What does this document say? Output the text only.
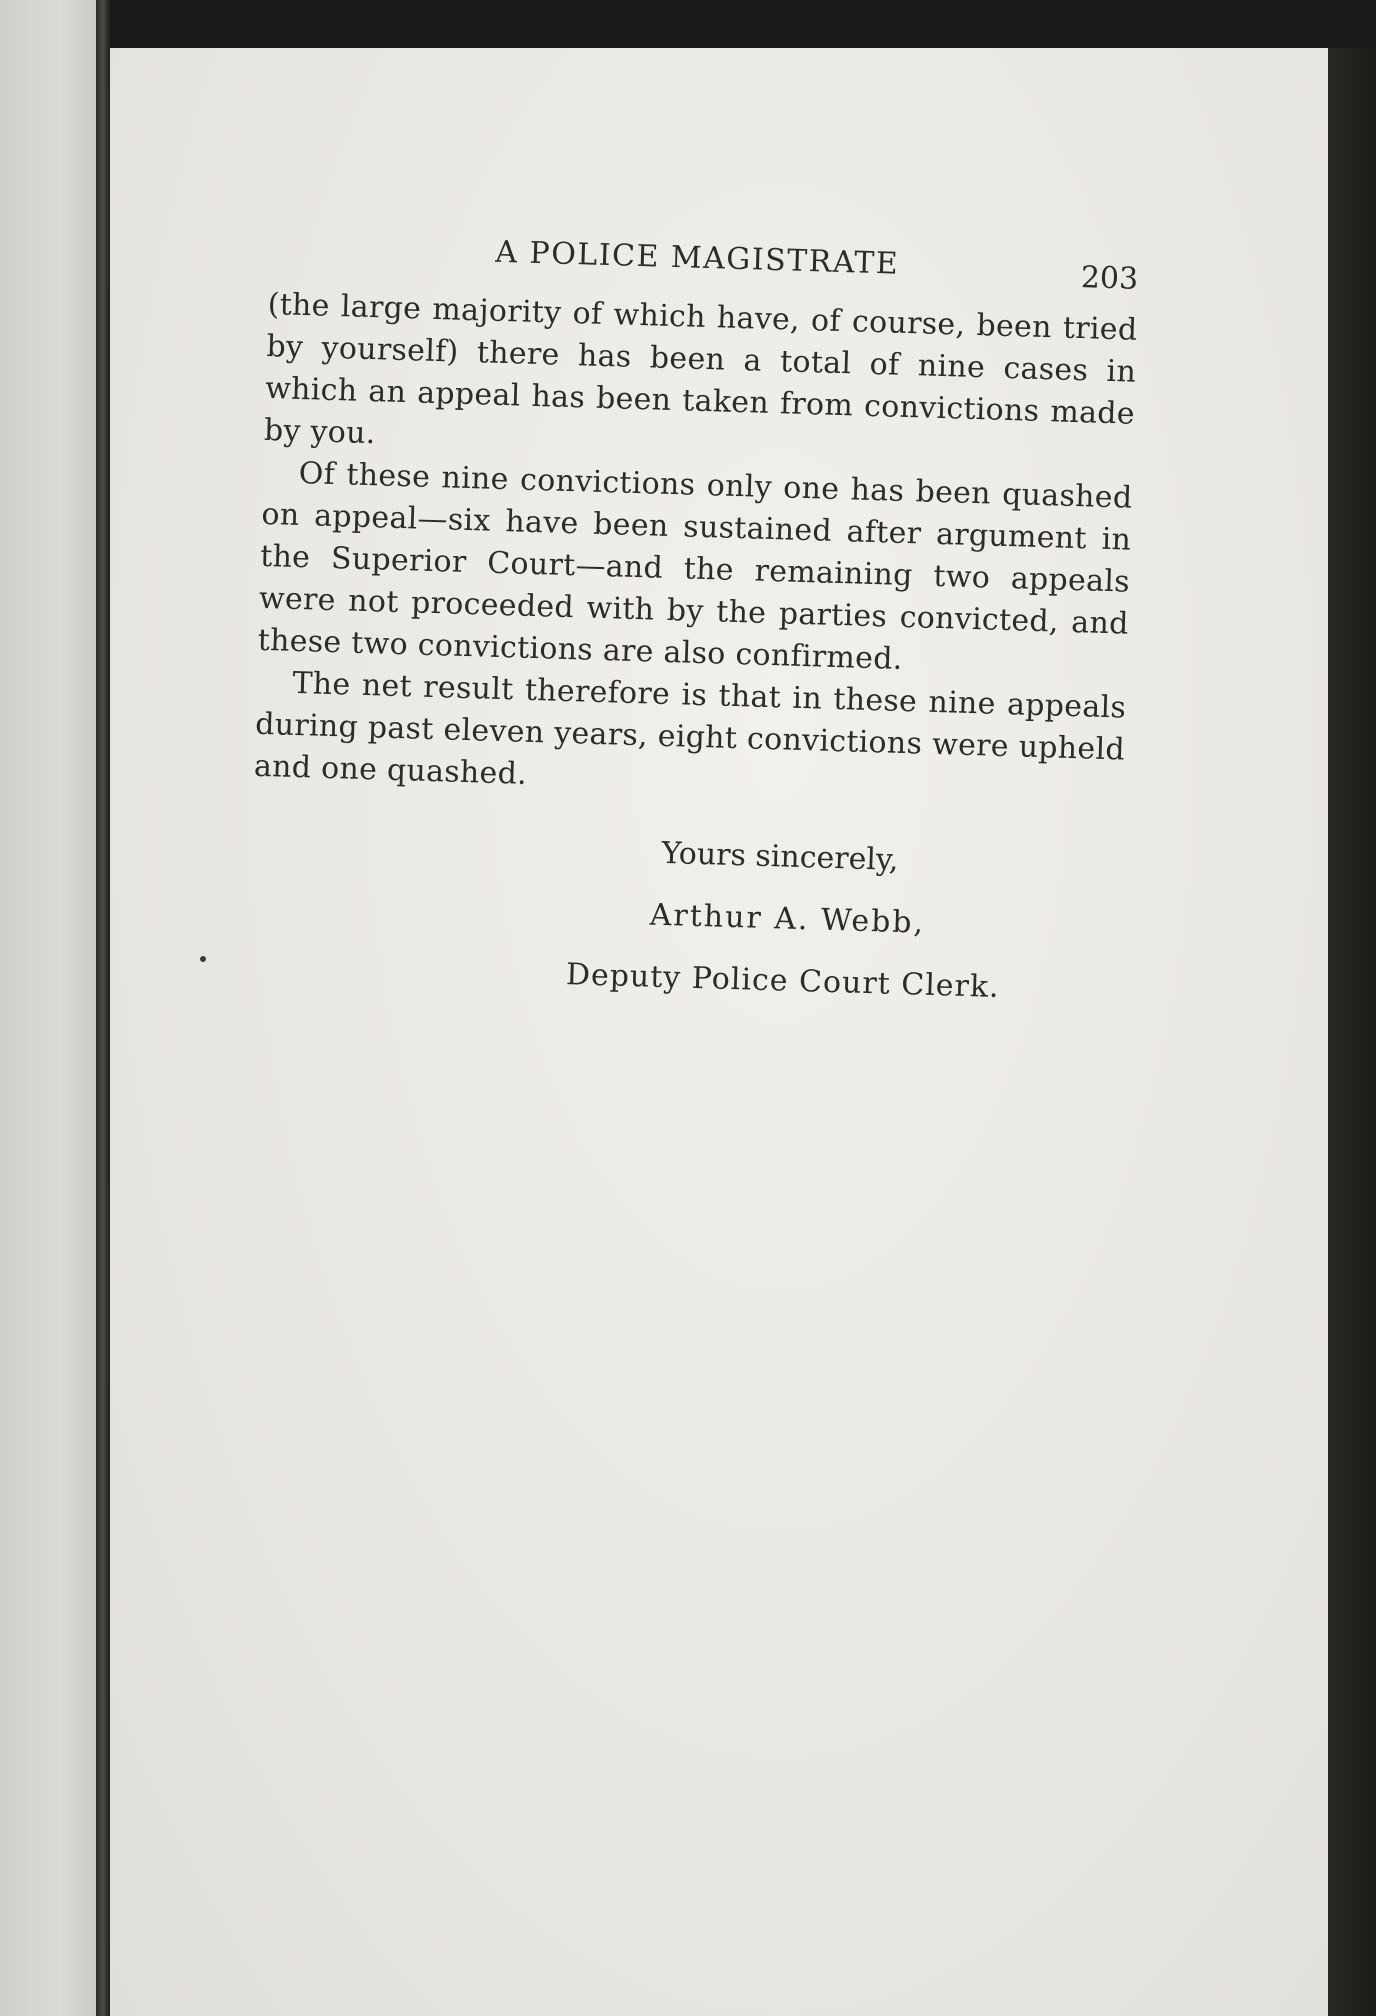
A POLICE MAGISTRATE	203

(the large majority of which have, of course, been tried by yourself) there has been a total of nine cases in which an appeal has been taken from convictions made by you.

Of these nine convictions only one has been quashed on appeal—six have been sustained after argument in the Superior Court—and the remaining two appeals were not proceeded with by the parties convicted, and these two convictions are also confirmed.

The net result therefore is that in these nine appeals during past eleven years, eight convictions were upheld and one quashed.

Yours sincerely,
Arthur A. Webb,
Deputy Police Court Clerk.
